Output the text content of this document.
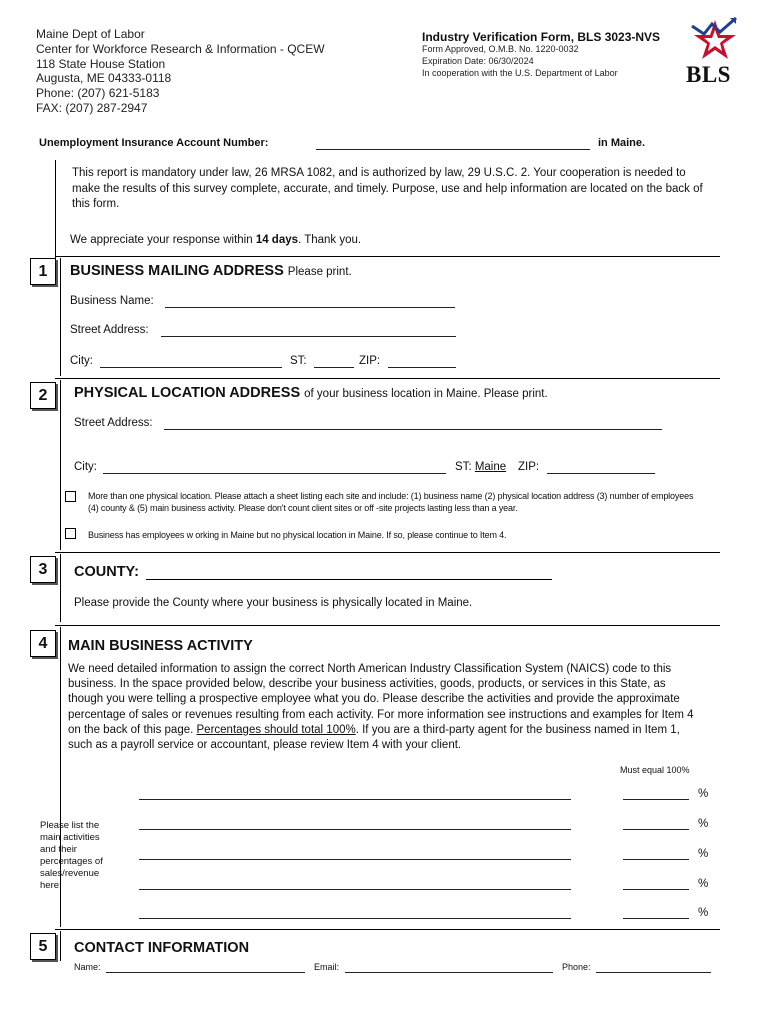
Maine Dept of Labor
Center for Workforce Research & Information - QCEW
118 State House Station
Augusta, ME 04333-0118
Phone: (207) 621-5183
FAX: (207) 287-2947
Industry Verification Form, BLS 3023-NVS
Form Approved, O.M.B. No. 1220-0032
Expiration Date: 06/30/2024
In cooperation with the U.S. Department of Labor	BLS
Unemployment Insurance Account Number:	in Maine.
This report is mandatory under law, 26 MRSA 1082, and is authorized by law, 29 U.S.C. 2. Your cooperation is needed to make the results of this survey complete, accurate, and timely. Purpose, use and help information are located on the back of this form.
We appreciate your response within 14 days. Thank you.
1	BUSINESS MAILING ADDRESS Please print.
Business Name:
Street Address:
City:	ST:	ZIP:
2	PHYSICAL LOCATION ADDRESS of your business location in Maine. Please print.
Street Address:
City:	ST: Maine ZIP:
More than one physical location. Please attach a sheet listing each site and include: (1) business name (2) physical location address (3) number of employees (4) county & (5) main business activity. Please don't count client sites or off -site projects lasting less than a year.
Business has employees w orking in Maine but no physical location in Maine. If so, please continue to Item 4.
3	COUNTY:
Please provide the County where your business is physically located in Maine.
4	MAIN BUSINESS ACTIVITY
We need detailed information to assign the correct North American Industry Classification System (NAICS) code to this business. In the space provided below, describe your business activities, goods, products, or services in this State, as though you were telling a prospective employee what you do. Please describe the activities and provide the approximate percentage of sales or revenues resulting from each activity. For more information see instructions and examples for Item 4 on the back of this page. Percentages should total 100%. If you are a third-party agent for the business named in Item 1, such as a payroll service or accountant, please review Item 4 with your client.
Must equal 100%
Please list the
main activities
and their
percentages of
sales/revenue
here:
%
%
%
%
%
5	CONTACT INFORMATION
Name:	Email:	Phone:
